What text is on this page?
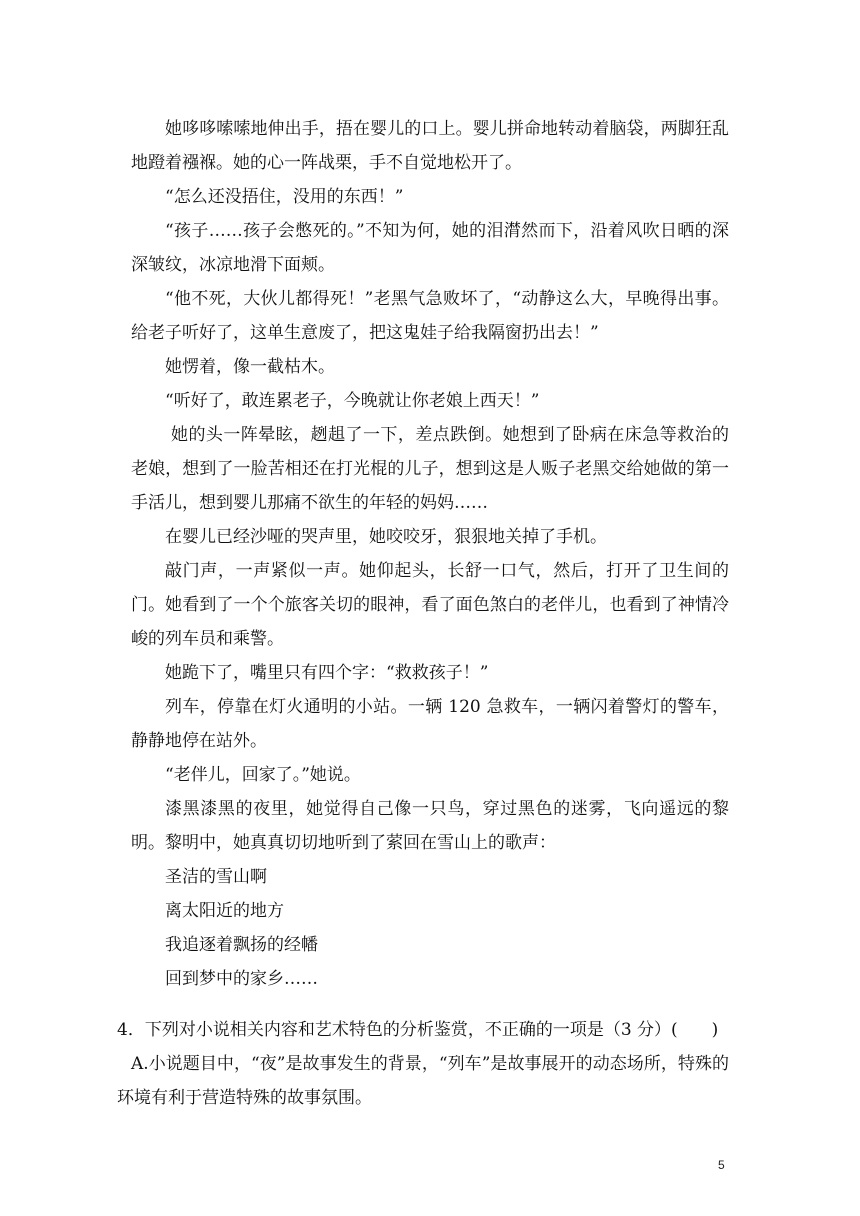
她哆哆嗦嗦地伸出手，捂在婴儿的口上。婴儿拼命地转动着脑袋，两脚狂乱地蹬着襁褓。她的心一阵战栗，手不自觉地松开了。

“怎么还没捂住，没用的东西！”

“孩子……孩子会憋死的。”不知为何，她的泪潸然而下，沿着风吹日晒的深深皱纹，冰凉地滑下面颊。

“他不死，大伙儿都得死！”老黑气急败坏了，“动静这么大，早晚得出事。给老子听好了，这单生意废了，把这鬼娃子给我隔窗扔出去！”

她愣着，像一截枯木。

“听好了，敢连累老子，今晚就让你老娘上西天！”

她的头一阵晕眩，趔趄了一下，差点跌倒。她想到了卧病在床急等救治的老娘，想到了一脸苦相还在打光棍的儿子，想到这是人贩子老黑交给她做的第一手活儿，想到婴儿那痛不欲生的年轻的妈妈……

在婴儿已经沙哑的哭声里，她咬咬牙，狠狠地关掉了手机。

敲门声，一声紧似一声。她仰起头，长舒一口气，然后，打开了卫生间的门。她看到了一个个旅客关切的眼神，看了面色煞白的老伴儿，也看到了神情冷峻的列车员和乘警。

她跪下了，嘴里只有四个字：“救救孩子！”

列车，停靠在灯火通明的小站。一辆 120 急救车，一辆闪着警灯的警车，静静地停在站外。

“老伴儿，回家了。”她说。

漆黑漆黑的夜里，她觉得自己像一只鸟，穿过黑色的迷雾，飞向遥远的黎明。黎明中，她真真切切地听到了萦回在雪山上的歌声：

圣洁的雪山啊

离太阳近的地方

我追逐着飘扬的经幡

回到梦中的家乡……

4．下列对小说相关内容和艺术特色的分析鉴赏，不正确的一项是（3 分）(　　)

A.小说题目中，“夜”是故事发生的背景，“列车”是故事展开的动态场所，特殊的环境有利于营造特殊的故事氛围。

5
